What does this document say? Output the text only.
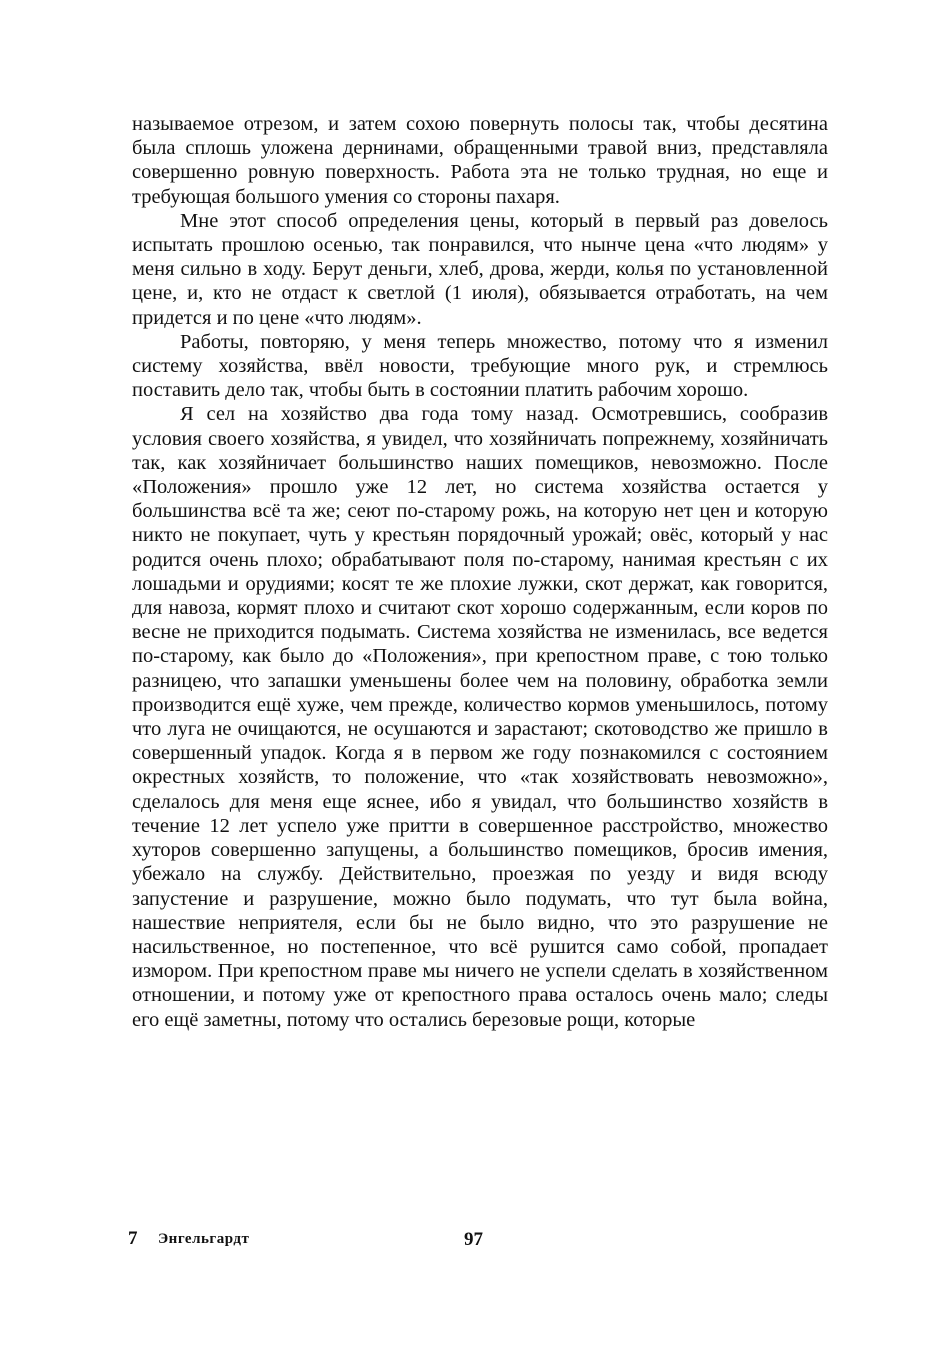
называемое отрезом, и затем сохою повернуть полосы так, чтобы десятина была сплошь уложена дернинами, обращенными травой вниз, представляла совершенно ровную поверхность. Работа эта не только трудная, но еще и требующая большого умения со стороны пахаря.

Мне этот способ определения цены, который в первый раз довелось испытать прошлою осенью, так понравился, что нынче цена «что людям» у меня сильно в ходу. Берут деньги, хлеб, дрова, жерди, колья по установленной цене, и, кто не отдаст к светлой (1 июля), обязывается отработать, на чем придется и по цене «что людям».

Работы, повторяю, у меня теперь множество, потому что я изменил систему хозяйства, ввёл новости, требующие много рук, и стремлюсь поставить дело так, чтобы быть в состоянии платить рабочим хорошо.

Я сел на хозяйство два года тому назад. Осмотревшись, сообразив условия своего хозяйства, я увидел, что хозяйничать попрежнему, хозяйничать так, как хозяйничает большинство наших помещиков, невозможно. После «Положения» прошло уже 12 лет, но система хозяйства остается у большинства всё та же; сеют по-старому рожь, на которую нет цен и которую никто не покупает, чуть у крестьян порядочный урожай; овёс, который у нас родится очень плохо; обрабатывают поля по-старому, нанимая крестьян с их лошадьми и орудиями; косят те же плохие лужки, скот держат, как говорится, для навоза, кормят плохо и считают скот хорошо содержанным, если коров по весне не приходится подымать. Система хозяйства не изменилась, все ведется по-старому, как было до «Положения», при крепостном праве, с тою только разницею, что запашки уменьшены более чем на половину, обработка земли производится ещё хуже, чем прежде, количество кормов уменьшилось, потому что луга не очищаются, не осушаются и зарастают; скотоводство же пришло в совершенный упадок. Когда я в первом же году познакомился с состоянием окрестных хозяйств, то положение, что «так хозяйствовать невозможно», сделалось для меня еще яснее, ибо я увидал, что большинство хозяйств в течение 12 лет успело уже притти в совершенное расстройство, множество хуторов совершенно запущены, а большинство помещиков, бросив имения, убежало на службу. Действительно, проезжая по уезду и видя всюду запустение и разрушение, можно было подумать, что тут была война, нашествие неприятеля, если бы не было видно, что это разрушение не насильственное, но постепенное, что всё рушится само собой, пропадает измором. При крепостном праве мы ничего не успели сделать в хозяйственном отношении, и потому уже от крепостного права осталось очень мало; следы его ещё заметны, потому что остались березовые рощи, которые

7 Энгельгардт	97
